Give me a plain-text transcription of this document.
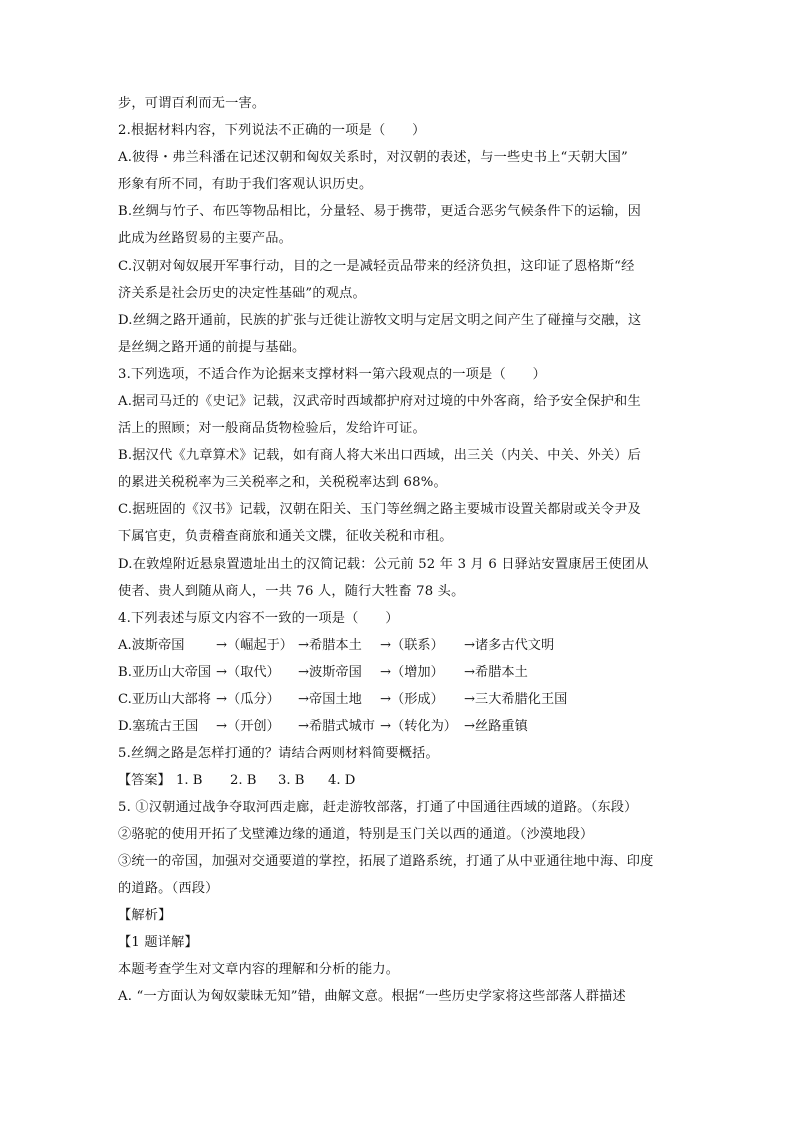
步，可谓百利而无一害。
2.根据材料内容，下列说法不正确的一项是（　　）
A.彼得・弗兰科潘在记述汉朝和匈奴关系时，对汉朝的表述，与一些史书上“天朝大国”
形象有所不同，有助于我们客观认识历史。
B.丝绸与竹子、布匹等物品相比，分量轻、易于携带，更适合恶劣气候条件下的运输，因
此成为丝路贸易的主要产品。
C.汉朝对匈奴展开军事行动，目的之一是减轻贡品带来的经济负担，这印证了恩格斯“经
济关系是社会历史的决定性基础”的观点。
D.丝绸之路开通前，民族的扩张与迁徙让游牧文明与定居文明之间产生了碰撞与交融，这
是丝绸之路开通的前提与基础。
3.下列选项，不适合作为论据来支撑材料一第六段观点的一项是（　　）
A.据司马迁的《史记》记载，汉武帝时西域都护府对过境的中外客商，给予安全保护和生
活上的照顾；对一般商品货物检验后，发给许可证。
B.据汉代《九章算术》记载，如有商人将大米出口西域，出三关（内关、中关、外关）后
的累进关税税率为三关税率之和，关税税率达到 68%。
C.据班固的《汉书》记载，汉朝在阳关、玉门等丝绸之路主要城市设置关都尉或关令尹及
下属官吏，负责稽查商旅和通关文牒，征收关税和市租。
D.在敦煌附近悬泉置遗址出土的汉简记载：公元前 52 年 3 月 6 日驿站安置康居王使团从
使者、贵人到随从商人，一共 76 人，随行大牲畜 78 头。
4.下列表述与原文内容不一致的一项是（　　）
A.波斯帝国 →（崛起于） →希腊本土 →（联系） →诸多古代文明
B.亚历山大帝国 →（取代） →波斯帝国 →（增加） →希腊本土
C.亚历山大部将 →（瓜分） →帝国土地 →（形成） →三大希腊化王国
D.塞琉古王国 →（开创） →希腊式城市 →（转化为） →丝路重镇
5.丝绸之路是怎样打通的？请结合两则材料简要概括。
【答案】 1. B 2. B 3. B 4. D
5. ①汉朝通过战争夺取河西走廊，赶走游牧部落，打通了中国通往西域的道路。（东段）
②骆驼的使用开拓了戈壁滩边缘的通道，特别是玉门关以西的通道。（沙漠地段）
③统一的帝国，加强对交通要道的掌控，拓展了道路系统，打通了从中亚通往地中海、印度
的道路。（西段）
【解析】
【1 题详解】
本题考查学生对文章内容的理解和分析的能力。
A. “一方面认为匈奴蒙昧无知”错，曲解文意。根据“一些历史学家将这些部落人群描述
